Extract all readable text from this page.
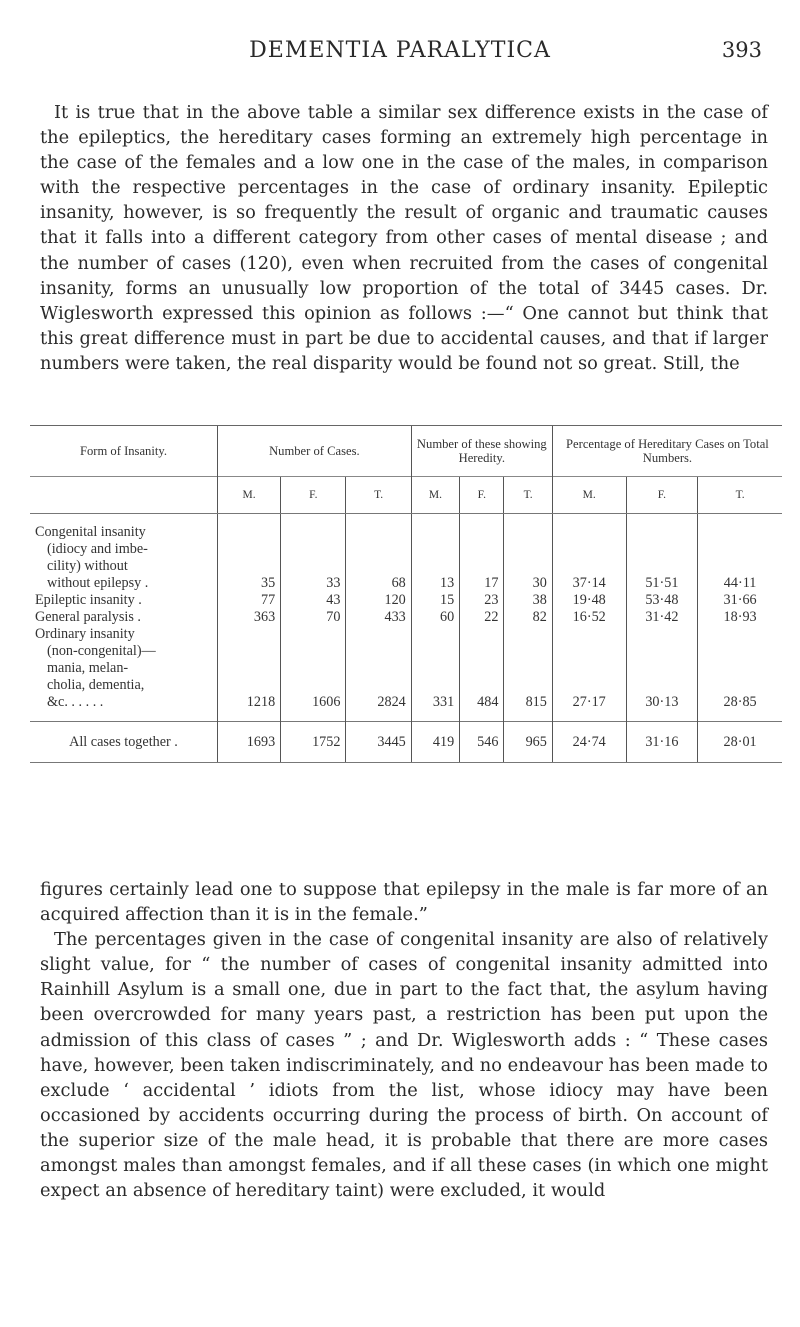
DEMENTIA PARALYTICA	393

It is true that in the above table a similar sex difference exists in the case of the epileptics, the hereditary cases forming an extremely high percentage in the case of the females and a low one in the case of the males, in comparison with the respective percentages in the case of ordinary insanity. Epileptic insanity, however, is so frequently the result of organic and traumatic causes that it falls into a different category from other cases of mental disease ; and the number of cases (120), even when recruited from the cases of congenital insanity, forms an unusually low proportion of the total of 3445 cases. Dr. Wiglesworth expressed this opinion as follows :—“ One cannot but think that this great difference must in part be due to accidental causes, and that if larger numbers were taken, the real disparity would be found not so great. Still, the

Form of Insanity.	Number of Cases.			Number of these showing Heredity.			Percentage of Hereditary Cases on Total Numbers.		
	M.	F.	T.	M.	F.	T.	M.	F.	T.

Congenital insanity
(idiocy and imbe-
cility) without
without epilepsy .	35	33	68	13	17	30	37·14	51·51	44·11
Epileptic insanity .	77	43	120	15	23	38	19·48	53·48	31·66
General paralysis .	363	70	433	60	22	82	16·52	31·42	18·93

Ordinary insanity
(non-congenital)—
mania, melan-
cholia, dementia,
&c. . . . . .	1218	1606	2824	331	484	815	27·17	30·13	28·85

All cases together .	1693	1752	3445	419	546	965	24·74	31·16	28·01

figures certainly lead one to suppose that epilepsy in the male is far more of an acquired affection than it is in the female.”

The percentages given in the case of congenital insanity are also of relatively slight value, for “ the number of cases of congenital insanity admitted into Rainhill Asylum is a small one, due in part to the fact that, the asylum having been overcrowded for many years past, a restriction has been put upon the admission of this class of cases ” ; and Dr. Wiglesworth adds : “ These cases have, however, been taken indiscriminately, and no endeavour has been made to exclude ‘ accidental ’ idiots from the list, whose idiocy may have been occasioned by accidents occurring during the process of birth. On account of the superior size of the male head, it is probable that there are more cases amongst males than amongst females, and if all these cases (in which one might expect an absence of hereditary taint) were excluded, it would
